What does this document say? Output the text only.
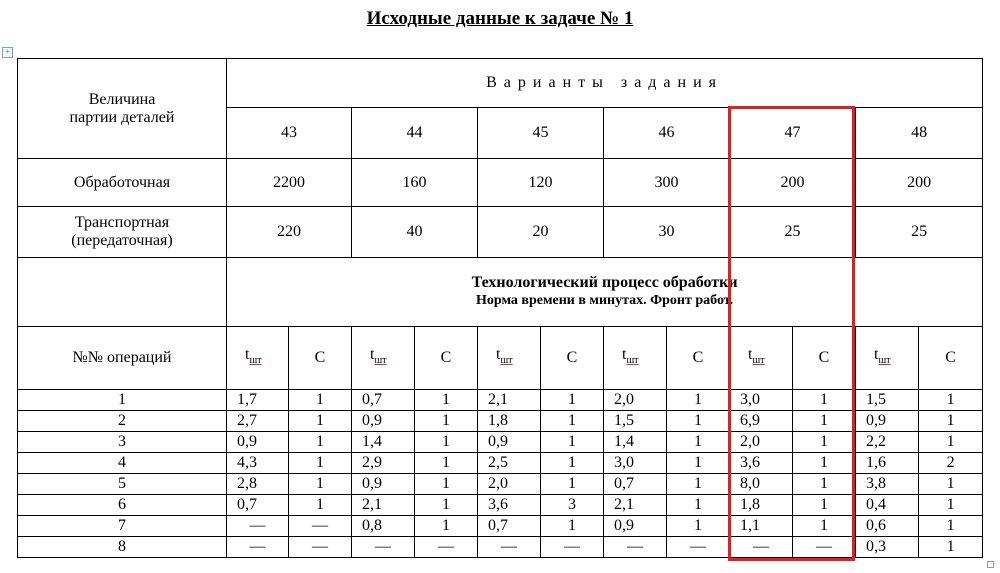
Исходные данные к задаче № 1
+
Величина
партии деталей	Варианты задания											
	43		44		45		46		47		48	
Обработочная	2200		160		120		300		200		200	

Транспортная
(передаточная)	220		40		20		30		25		25	

	Технологический процесс обработки
Норма времени в минутах. Фронт работ.											

№№ операций	$t_{шт}$	С	$t_{шт}$	С	$t_{шт}$	С	$t_{шт}$	С	$t_{шт}$	С	$t_{шт}$	С
1	1,7	1	0,7	1	2,1	1	2,0	1	3,0	1	1,5	1
2	2,7	1	0,9	1	1,8	1	1,5	1	6,9	1	0,9	1
3	0,9	1	1,4	1	0,9	1	1,4	1	2,0	1	2,2	1
4	4,3	1	2,9	1	2,5	1	3,0	1	3,6	1	1,6	2
5	2,8	1	0,9	1	2,0	1	0,7	1	8,0	1	3,8	1
6	0,7	1	2,1	1	3,6	3	2,1	1	1,8	1	0,4	1
7	—	—	0,8	1	0,7	1	0,9	1	1,1	1	0,6	1
8	—	—	—	—	—	—	—	—	—	—	0,3	1
